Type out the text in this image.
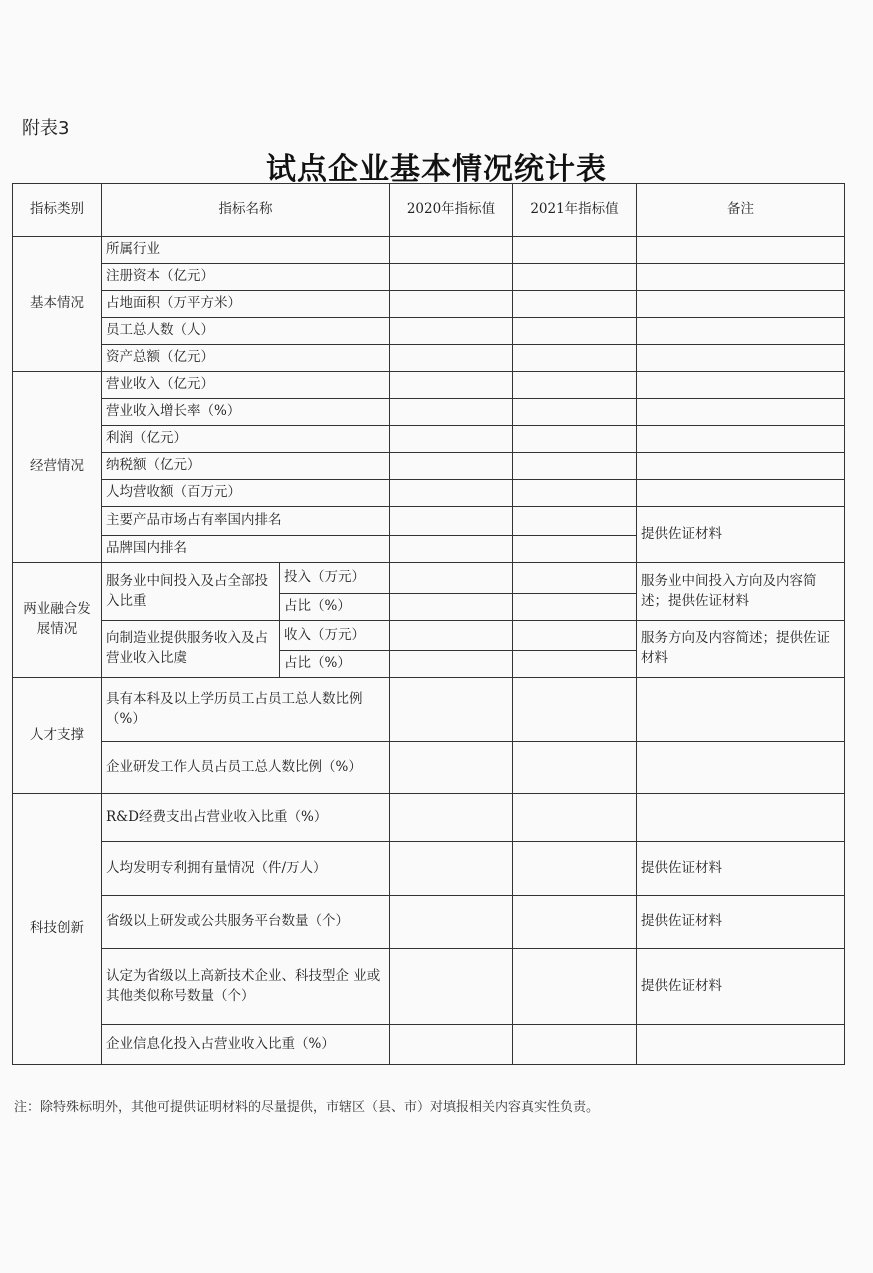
附表3
试点企业基本情况统计表
指标类别	指标名称		2020年指标值	2021年指标值	备注
基本情况	所属行业				
	注册资本（亿元）				
	占地面积（万平方米）				
	员工总人数（人）				
	资产总额（亿元）				
经营情况	营业收入（亿元）				
	营业收入增长率（%）				
	利润（亿元）				
	纳税额（亿元）				
	人均营收额（百万元）				
	主要产品市场占有率国内排名				提供佐证材料
	品牌国内排名				
两业融合发展情况	服务业中间投入及占全部投入比重	投入（万元）			服务业中间投入方向及内容简述；提供佐证材料
		占比（%）			
	向制造业提供服务收入及占营业收入比虞	收入（万元）			服务方向及内容简述；提供佐证材料
		占比（%）			
人才支撑	具有本科及以上学历员工占员工总人数比例（%）				
	企业研发工作人员占员工总人数比例（%）				
科技创新	R&D经费支出占营业收入比重（%）				
	人均发明专利拥有量情况（件/万人）				提供佐证材料
	省级以上研发或公共服务平台数量（个）				提供佐证材料
	认定为省级以上高新技术企业、科技型企 业或其他类似称号数量（个）				提供佐证材料
	企业信息化投入占营业收入比重（%）				
注：除特殊标明外，其他可提供证明材料的尽量提供，市辖区（县、市）对填报相关内容真实性负责。
